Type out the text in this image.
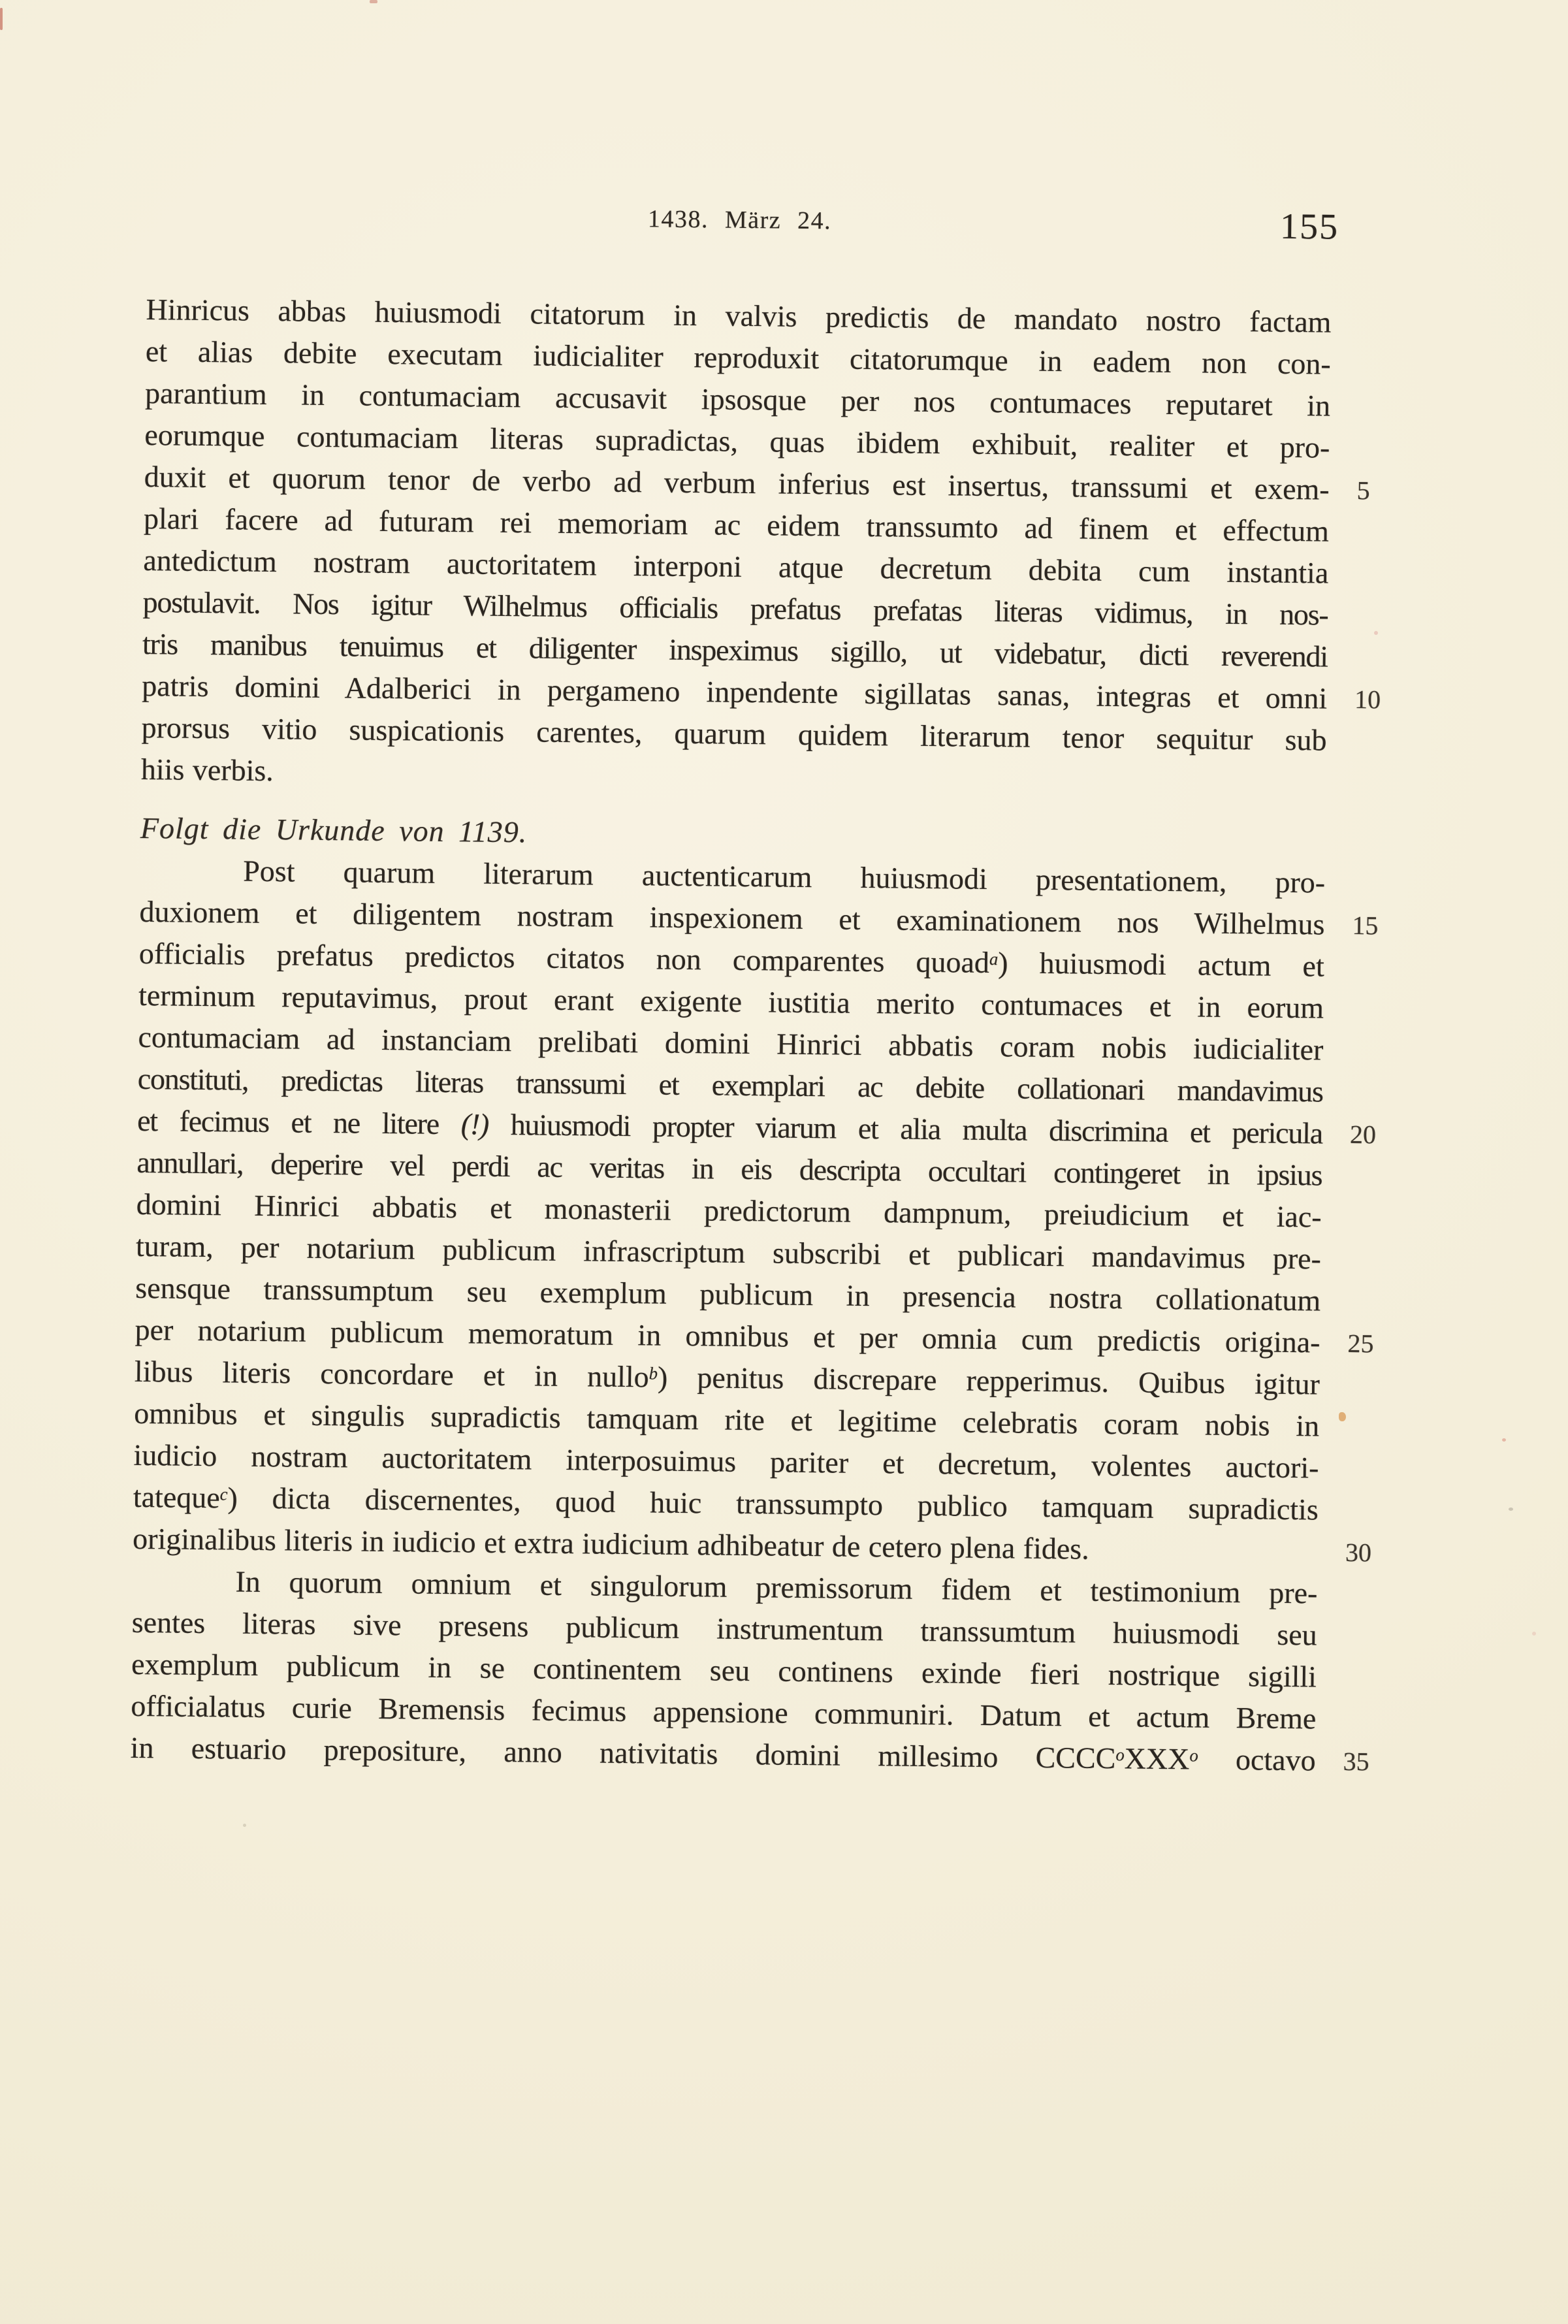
1438. März 24.	155
Hinricus abbas huiusmodi citatorum in valvis predictis de mandato nostro factam
et alias debite executam iudicialiter reproduxit citatorumque in eadem non con-
parantium in contumaciam accusavit ipsosque per nos contumaces reputaret in
eorumque contumaciam literas supradictas, quas ibidem exhibuit, realiter et pro-
duxit et quorum tenor de verbo ad verbum inferius est insertus, transsumi et exem- 5
plari facere ad futuram rei memoriam ac eidem transsumto ad finem et effectum
antedictum nostram auctoritatem interponi atque decretum debita cum instantia
postulavit. Nos igitur Wilhelmus officialis prefatus prefatas literas vidimus, in nos-
tris manibus tenuimus et diligenter inspeximus sigillo, ut videbatur, dicti reverendi
patris domini Adalberici in pergameno inpendente sigillatas sanas, integras et omni 10
prorsus vitio suspicationis carentes, quarum quidem literarum tenor sequitur sub
hiis verbis.
Folgt die Urkunde von 1139.
Post quarum literarum auctenticarum huiusmodi presentationem, pro-
duxionem et diligentem nostram inspexionem et examinationem nos Wilhelmus 15
officialis prefatus predictos citatos non comparentes quoad$^a$) huiusmodi actum et
terminum reputavimus, prout erant exigente iustitia merito contumaces et in eorum
contumaciam ad instanciam prelibati domini Hinrici abbatis coram nobis iudicialiter
constituti, predictas literas transsumi et exemplari ac debite collationari mandavimus
et fecimus et ne litere (!) huiusmodi propter viarum et alia multa discrimina et pericula 20
annullari, deperire vel perdi ac veritas in eis descripta occultari contingeret in ipsius
domini Hinrici abbatis et monasterii predictorum dampnum, preiudicium et iac-
turam, per notarium publicum infrascriptum subscribi et publicari mandavimus pre-
sensque transsumptum seu exemplum publicum in presencia nostra collationatum
per notarium publicum memoratum in omnibus et per omnia cum predictis origina- 25
libus literis concordare et in nullo$^b$) penitus discrepare repperimus. Quibus igitur
omnibus et singulis supradictis tamquam rite et legitime celebratis coram nobis in
iudicio nostram auctoritatem interposuimus pariter et decretum, volentes auctori-
tateque$^c$) dicta discernentes, quod huic transsumpto publico tamquam supradictis
originalibus literis in iudicio et extra iudicium adhibeatur de cetero plena fides.	30
In quorum omnium et singulorum premissorum fidem et testimonium pre-
sentes literas sive presens publicum instrumentum transsumtum huiusmodi seu
exemplum publicum in se continentem seu continens exinde fieri nostrique sigilli
officialatus curie Bremensis fecimus appensione communiri. Datum et actum Breme
in estuario prepositure, anno nativitatis domini millesimo CCCC$^o$XXX$^o$ octavo 35
